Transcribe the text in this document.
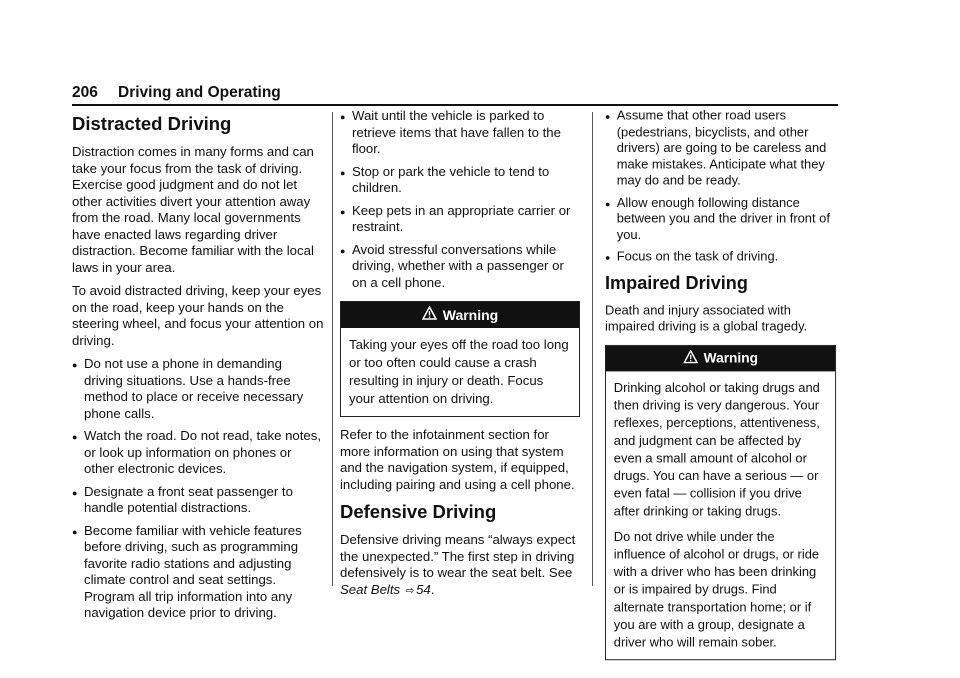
206 Driving and Operating
Distracted Driving

Distraction comes in many forms and can take your focus from the task of driving. Exercise good judgment and do not let other activities divert your attention away from the road. Many local governments have enacted laws regarding driver distraction. Become familiar with the local laws in your area.

To avoid distracted driving, keep your eyes on the road, keep your hands on the steering wheel, and focus your attention on driving.

● Do not use a phone in demanding driving situations. Use a hands-free method to place or receive necessary phone calls.
● Watch the road. Do not read, take notes, or look up information on phones or other electronic devices.
● Designate a front seat passenger to handle potential distractions.
● Become familiar with vehicle features before driving, such as programming favorite radio stations and adjusting climate control and seat settings. Program all trip information into any navigation device prior to driving.
● Wait until the vehicle is parked to retrieve items that have fallen to the floor.
● Stop or park the vehicle to tend to children.
● Keep pets in an appropriate carrier or restraint.
● Avoid stressful conversations while driving, whether with a passenger or on a cell phone.
Warning

Taking your eyes off the road too long or too often could cause a crash resulting in injury or death. Focus your attention on driving.

Refer to the infotainment section for more information on using that system and the navigation system, if equipped, including pairing and using a cell phone.

Defensive Driving

Defensive driving means “always expect the unexpected.” The first step in driving defensively is to wear the seat belt. See Seat Belts ⇨ 54.

● Assume that other road users (pedestrians, bicyclists, and other drivers) are going to be careless and make mistakes. Anticipate what they may do and be ready.
● Allow enough following distance between you and the driver in front of you.
● Focus on the task of driving.
Impaired Driving

Death and injury associated with impaired driving is a global tragedy.

Warning

Drinking alcohol or taking drugs and then driving is very dangerous. Your reflexes, perceptions, attentiveness, and judgment can be affected by even a small amount of alcohol or drugs. You can have a serious — or even fatal — collision if you drive after drinking or taking drugs.

Do not drive while under the influence of alcohol or drugs, or ride with a driver who has been drinking or is impaired by drugs. Find alternate transportation home; or if you are with a group, designate a driver who will remain sober.
